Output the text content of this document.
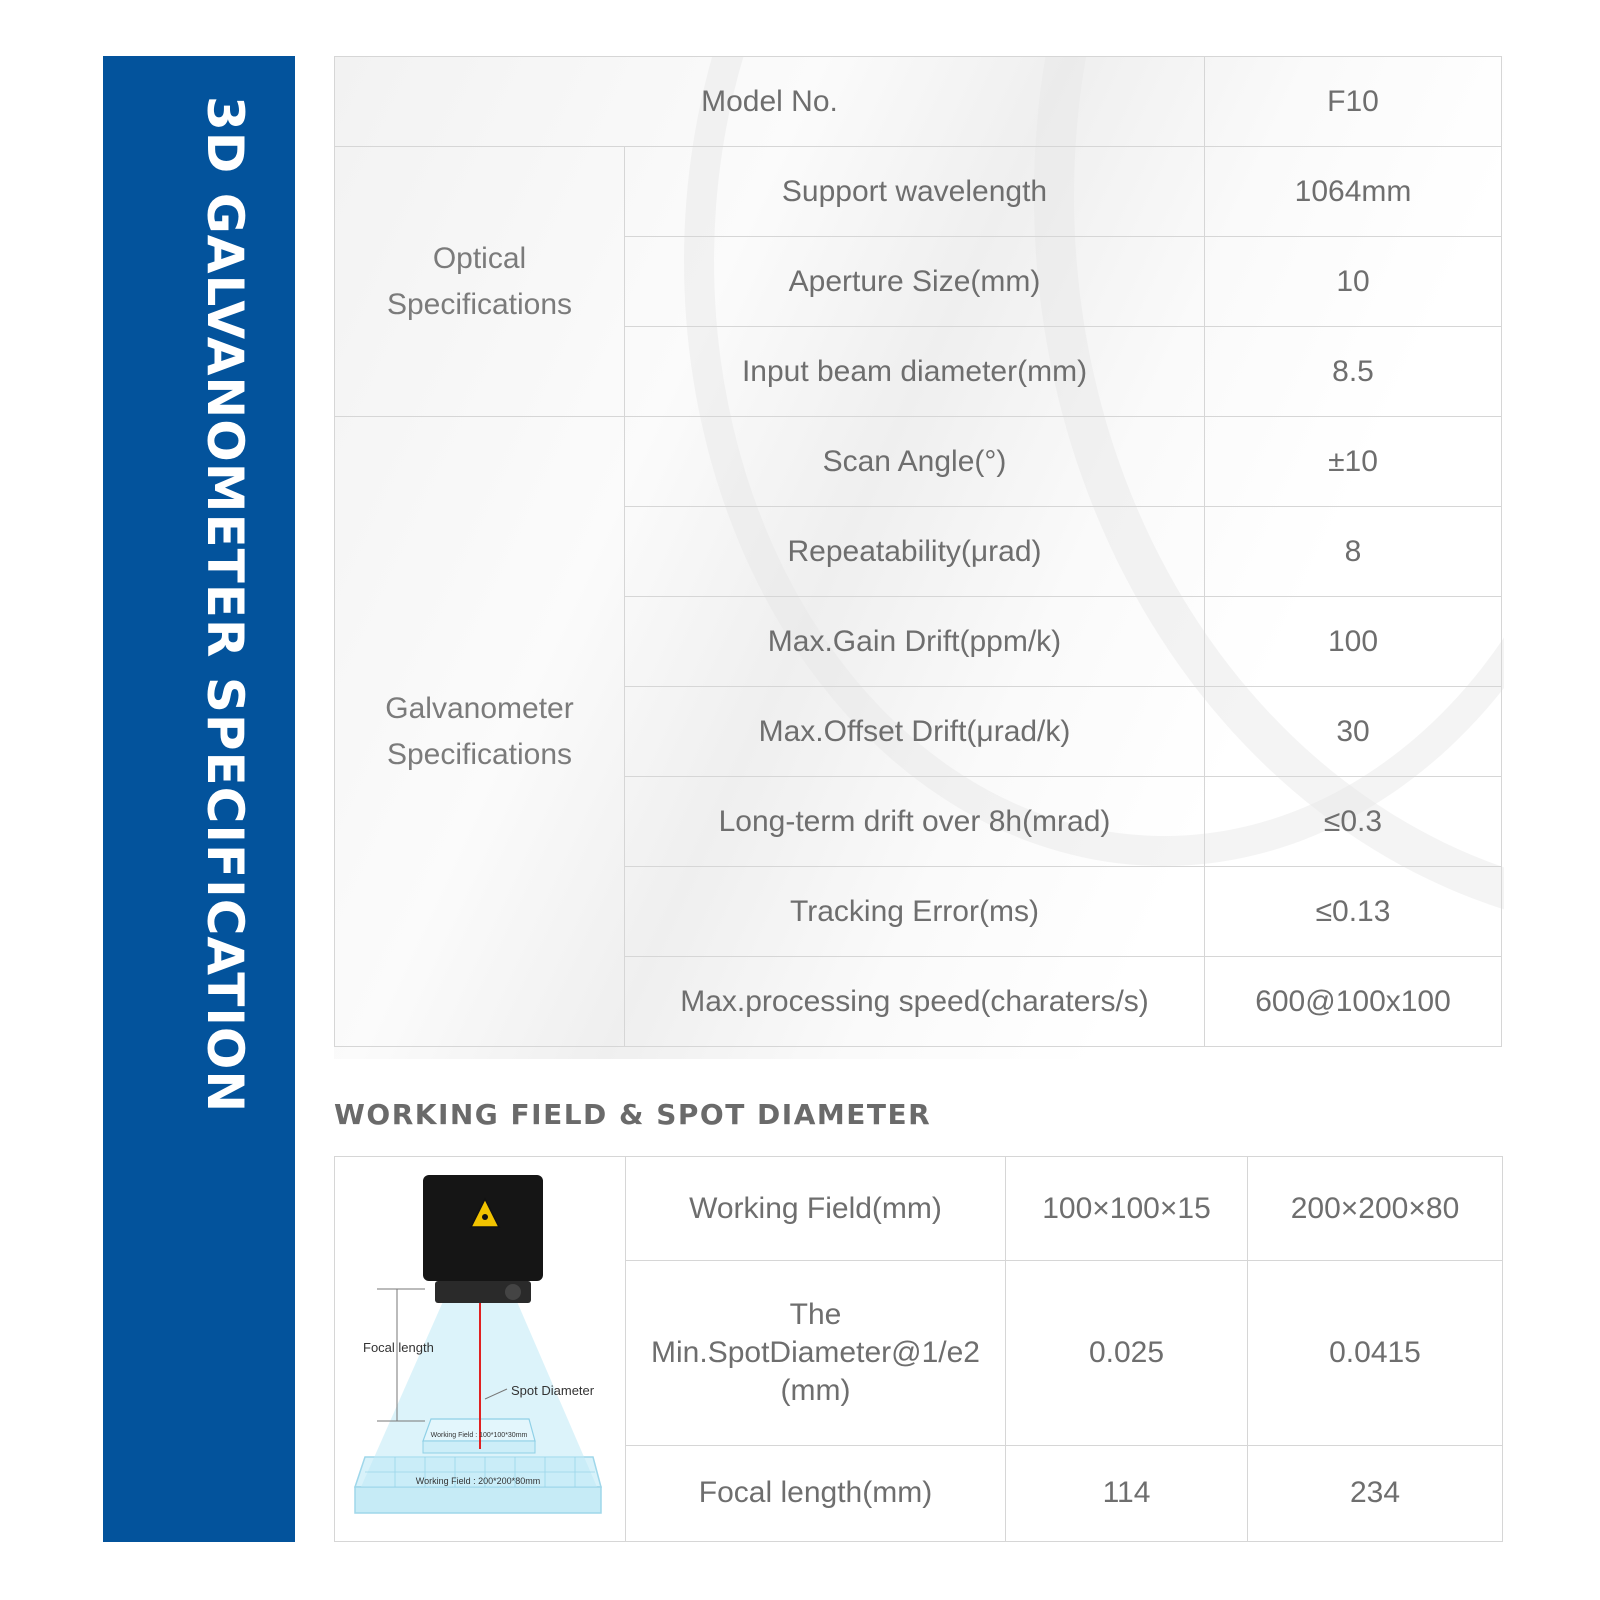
3D GALVANOMETER SPECIFICATION	Model No.		F10
Optical
Specifications	Support wavelength	1064mm
	Aperture Size(mm)	10
	Input beam diameter(mm)	8.5
Galvanometer
Specifications	Scan Angle(°)	±10
	Repeatability(μrad)	8
	Max.Gain Drift(ppm/k)	100
	Max.Offset Drift(μrad/k)	30
	Long-term drift over 8h(mrad)	≤0.3
	Tracking Error(ms)	≤0.13
	Max.processing speed(charaters/s)	600@100x100
WORKING FIELD & SPOT DIAMETER
Focal length
Spot Diameter
Working Field : 100*100*30mm
Working Field : 200*200*80mm	Working Field(mm)	100×100×15	200×200×80
	The
Min.SpotDiameter@1/e2
(mm)	0.025	0.0415
	Focal length(mm)	114	234
